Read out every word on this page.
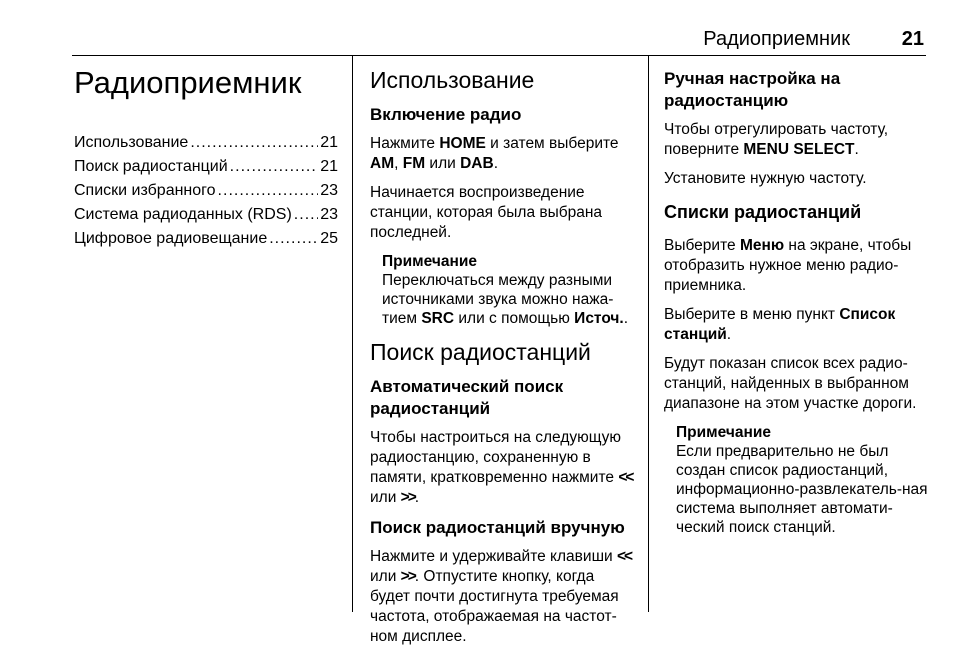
Радиоприемник	21
Радиоприемник
Использование .....	21
Поиск радиостанций .....	21
Списки избранного .....	23
Система радиоданных (RDS) ..... 23
Цифровое радиовещание .....	25
Использование
Включение радио

Нажмите HOME и затем выберите AM, FM или DAB.

Начинается воспроизведение станции, которая была выбрана последней.

Примечание
Переключаться между разными источниками звука можно нажа-тием SRC или с помощью Источ..
Поиск радиостанций
Автоматический поиск радиостанций

Чтобы настроиться на следующую радиостанцию, сохраненную в памяти, кратковременно нажмите << или >>.

Поиск радиостанций вручную

Нажмите и удерживайте клавиши << или >>. Отпустите кнопку, когда будет почти достигнута требуемая частота, отображаемая на частот-ном дисплее.

Ручная настройка на радиостанцию

Чтобы отрегулировать частоту, поверните MENU SELECT.

Установите нужную частоту.

Списки радиостанций

Выберите Меню на экране, чтобы отобразить нужное меню радио-приемника.

Выберите в меню пункт Список станций.

Будут показан список всех радио-станций, найденных в выбранном диапазоне на этом участке дороги.

Примечание
Если предварительно не был создан список радиостанций, информационно-развлекатель-ная система выполняет автомати-ческий поиск станций.
